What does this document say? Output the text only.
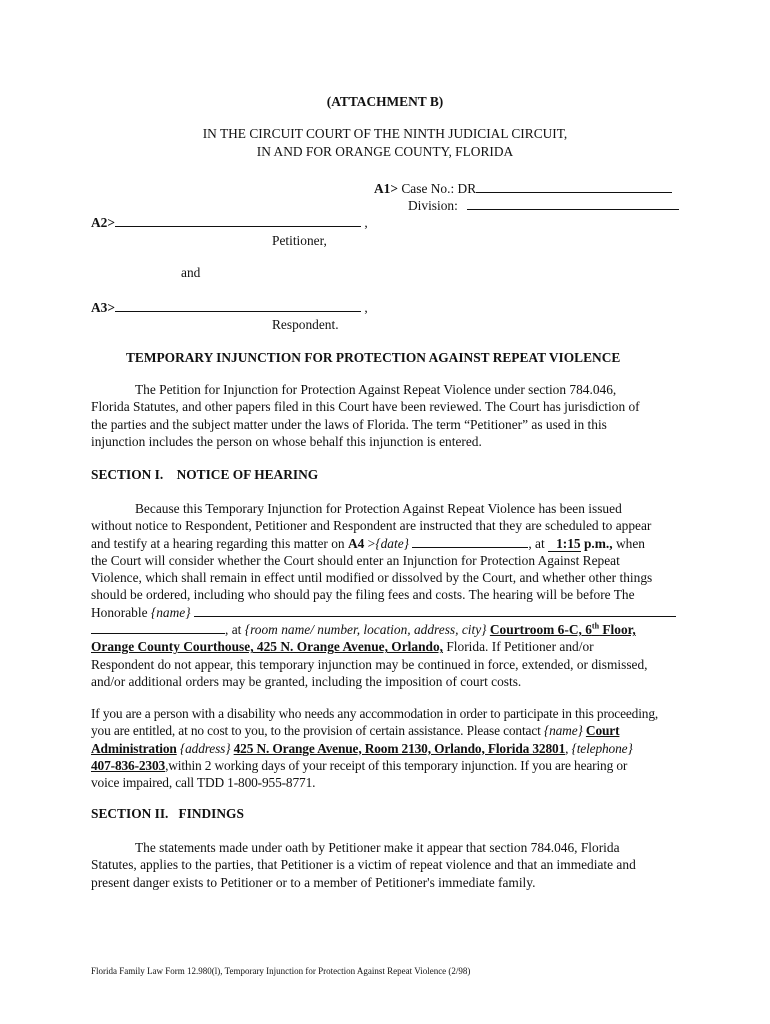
(ATTACHMENT B)
IN THE CIRCUIT COURT OF THE NINTH JUDICIAL CIRCUIT,
IN AND FOR ORANGE COUNTY, FLORIDA
A1> Case No.: DR
Division:
A2>	,
Petitioner,
and
A3>	,
Respondent.
TEMPORARY INJUNCTION FOR PROTECTION AGAINST REPEAT VIOLENCE
The Petition for Injunction for Protection Against Repeat Violence under section 784.046,
Florida Statutes, and other papers filed in this Court have been reviewed. The Court has jurisdiction of
the parties and the subject matter under the laws of Florida. The term “Petitioner” as used in this
injunction includes the person on whose behalf this injunction is entered.
SECTION I.    NOTICE OF HEARING
Because this Temporary Injunction for Protection Against Repeat Violence has been issued
without notice to Respondent, Petitioner and Respondent are instructed that they are scheduled to appear
and testify at a hearing regarding this matter on A4 >{date}	, at 1:15 p.m., when
the Court will consider whether the Court should enter an Injunction for Protection Against Repeat
Violence, which shall remain in effect until modified or dissolved by the Court, and whether other things
should be ordered, including who should pay the filing fees and costs. The hearing will be before The
Honorable {name}
, at {room name/ number, location, address, city} Courtroom 6-C, 6th Floor,
Orange County Courthouse, 425 N. Orange Avenue, Orlando, Florida. If Petitioner and/or
Respondent do not appear, this temporary injunction may be continued in force, extended, or dismissed,
and/or additional orders may be granted, including the imposition of court costs.
If you are a person with a disability who needs any accommodation in order to participate in this proceeding,
you are entitled, at no cost to you, to the provision of certain assistance. Please contact {name} Court
Administration {address} 425 N. Orange Avenue, Room 2130, Orlando, Florida 32801, {telephone}
407-836-2303,within 2 working days of your receipt of this temporary injunction. If you are hearing or
voice impaired, call TDD 1-800-955-8771.
SECTION II.   FINDINGS
The statements made under oath by Petitioner make it appear that section 784.046, Florida
Statutes, applies to the parties, that Petitioner is a victim of repeat violence and that an immediate and
present danger exists to Petitioner or to a member of Petitioner's immediate family.
Florida Family Law Form 12.980(l), Temporary Injunction for Protection Against Repeat Violence (2/98)
